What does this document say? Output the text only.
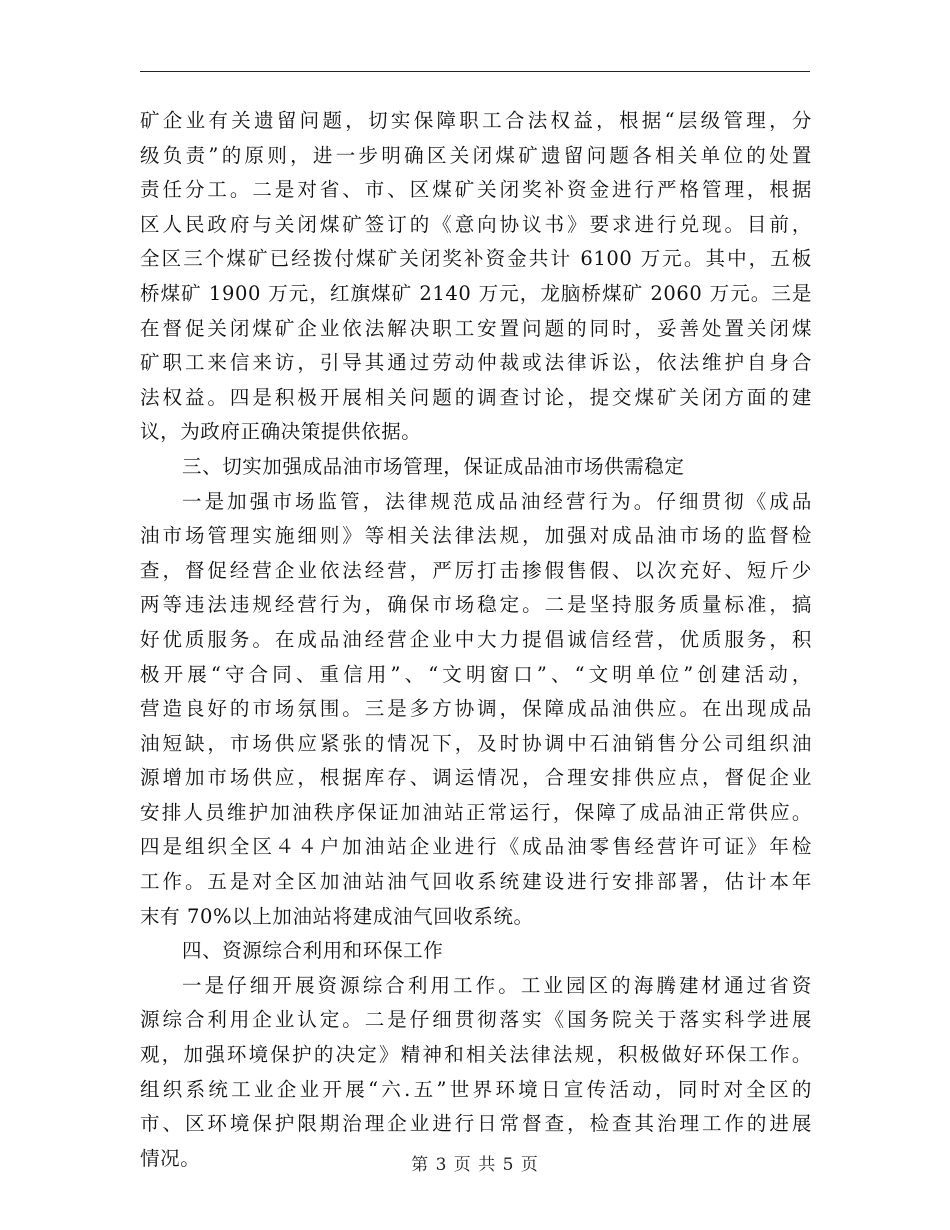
矿企业有关遗留问题，切实保障职工合法权益，根据“层级管理，分
级负责”的原则，进一步明确区关闭煤矿遗留问题各相关单位的处置
责任分工。二是对省、市、区煤矿关闭奖补资金进行严格管理，根据
区人民政府与关闭煤矿签订的《意向协议书》要求进行兑现。目前，
全区三个煤矿已经拨付煤矿关闭奖补资金共计 6100 万元。其中，五板
桥煤矿 1900 万元，红旗煤矿 2140 万元，龙脑桥煤矿 2060 万元。三是
在督促关闭煤矿企业依法解决职工安置问题的同时，妥善处置关闭煤
矿职工来信来访，引导其通过劳动仲裁或法律诉讼，依法维护自身合
法权益。四是积极开展相关问题的调查讨论，提交煤矿关闭方面的建
议，为政府正确决策提供依据。
三、切实加强成品油市场管理，保证成品油市场供需稳定
一是加强市场监管，法律规范成品油经营行为。仔细贯彻《成品
油市场管理实施细则》等相关法律法规，加强对成品油市场的监督检
查，督促经营企业依法经营，严厉打击掺假售假、以次充好、短斤少
两等违法违规经营行为，确保市场稳定。二是坚持服务质量标准，搞
好优质服务。在成品油经营企业中大力提倡诚信经营，优质服务，积
极开展“守合同、重信用”、“文明窗口”、“文明单位”创建活动，
营造良好的市场氛围。三是多方协调，保障成品油供应。在出现成品
油短缺，市场供应紧张的情况下，及时协调中石油销售分公司组织油
源增加市场供应，根据库存、调运情况，合理安排供应点，督促企业
安排人员维护加油秩序保证加油站正常运行，保障了成品油正常供应。
四是组织全区４４户加油站企业进行《成品油零售经营许可证》年检
工作。五是对全区加油站油气回收系统建设进行安排部署，估计本年
末有 70%以上加油站将建成油气回收系统。
四、资源综合利用和环保工作
一是仔细开展资源综合利用工作。工业园区的海腾建材通过省资
源综合利用企业认定。二是仔细贯彻落实《国务院关于落实科学进展
观，加强环境保护的决定》精神和相关法律法规，积极做好环保工作。
组织系统工业企业开展“六.五”世界环境日宣传活动，同时对全区的
市、区环境保护限期治理企业进行日常督查，检查其治理工作的进展
情况。	第 3 页 共 5 页
